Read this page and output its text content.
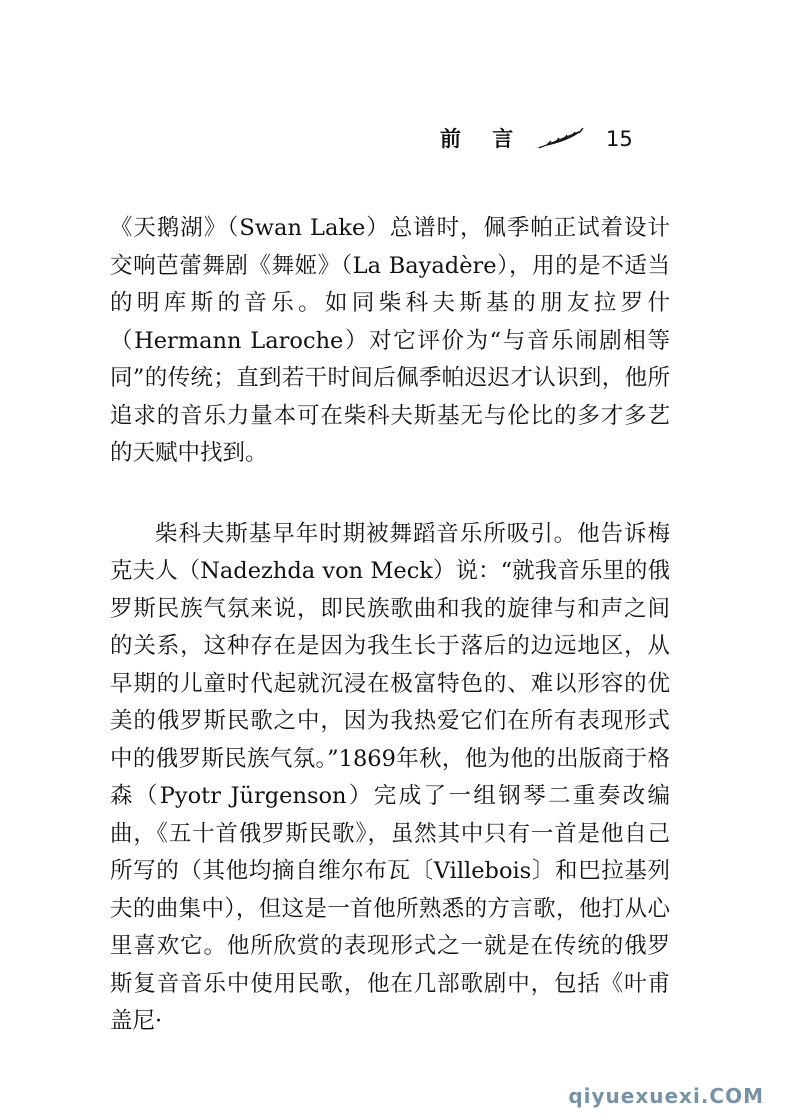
前 言	15

《天鹅湖》（Swan Lake）总谱时，佩季帕正试着设计交响芭蕾舞剧《舞姬》（La Bayadère），用的是不适当的明库斯的音乐。如同柴科夫斯基的朋友拉罗什（Hermann Laroche）对它评价为“与音乐闹剧相等同”的传统；直到若干时间后佩季帕迟迟才认识到，他所追求的音乐力量本可在柴科夫斯基无与伦比的多才多艺的天赋中找到。

柴科夫斯基早年时期被舞蹈音乐所吸引。他告诉梅克夫人（Nadezhda von Meck）说：“就我音乐里的俄罗斯民族气氛来说，即民族歌曲和我的旋律与和声之间的关系，这种存在是因为我生长于落后的边远地区，从早期的儿童时代起就沉浸在极富特色的、难以形容的优美的俄罗斯民歌之中，因为我热爱它们在所有表现形式中的俄罗斯民族气氛。”1869年秋，他为他的出版商于格森（Pyotr Jürgenson）完成了一组钢琴二重奏改编曲，《五十首俄罗斯民歌》，虽然其中只有一首是他自己所写的（其他均摘自维尔布瓦〔Villebois〕和巴拉基列夫的曲集中），但这是一首他所熟悉的方言歌，他打从心里喜欢它。他所欣赏的表现形式之一就是在传统的俄罗斯复音音乐中使用民歌，他在几部歌剧中，包括《叶甫盖尼·

qiyuexuexi.COM
